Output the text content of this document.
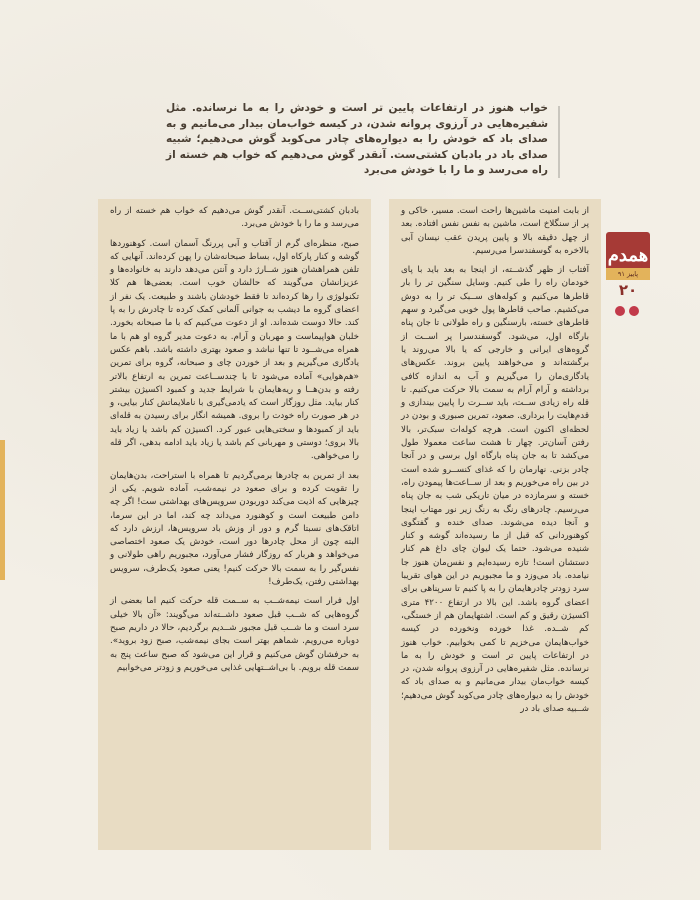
خواب هنوز در ارتفاعات پایین تر است و خودش را به ما نرسانده. مثل شفیره‌هایی در آرزوی پروانه شدن، در کیسه خواب‌مان بیدار می‌مانیم و به صدای باد که خودش را به دیواره‌های چادر می‌کوبد گوش می‌دهیم؛ شبیه صدای باد در بادبان کشتی‌ست. آنقدر گوش می‌دهیم که خواب هم خسته از راه می‌رسد و ما را با خودش می‌برد

بادبان کشتی‌ســت. آنقدر گوش می‌دهیم که خواب هم خسته از راه می‌رسد و ما را با خودش می‌برد.

صبح، منظره‌ای گرم از آفتاب و آبی پررنگ آسمان است. کوهنوردها گوشه و کنار پارکاه اول، بساط صبحانه‌شان را پهن کرده‌اند. آنهایی که تلفن همراهشان هنوز شــارژ دارد و آنتن می‌دهد دارند به خانواده‌ها و عزیزانشان می‌گویند که حالشان خوب است. بعضی‌ها هم کلا تکنولوژی را رها کرده‌اند تا فقط خودشان باشند و طبیعت. یک نفر از اعضای گروه ما دیشب به جوانی آلمانی کمک کرده تا چادرش را به پا کند. حالا دوست شده‌اند. او از دعوت می‌کنیم که با ما صبحانه بخورد. خلبان هواپیماست و مهربان و آرام. به دعوت مدیر گروه او هم با ما همراه می‌شــود تا تنها نباشد و صعود بهتری داشته باشد. باهم عکس یادگاری می‌گیریم و بعد از خوردن چای و صبحانه، گروه برای تمرین «هم‌هوایی» آماده می‌شود تا با چندســاعت تمرین به ارتفاع بالاتر رفته و بدن‌هــا و ریه‌هایمان با شرایط جدید و کمبود اکسیژن بیشتر کنار بیاید. مثل روزگار است که یادمی‌گیری با ناملایماتش کنار بیایی، و در هر صورت راه خودت را بروی. همیشه انگار برای رسیدن به قله‌ای باید از کمبودها و سختی‌هایی عبور کرد. اکسیژن کم باشد یا زیاد باید بالا بروی؛ دوستی و مهربانی کم باشد یا زیاد باید ادامه بدهی، اگر قله را می‌خواهی.

بعد از تمرین به چادرها برمی‌گردیم تا همراه با استراحت، بدن‌هایمان را تقویت کرده و برای صعود در نیمه‌شب، آماده شویم. یکی از چیزهایی که اذیت می‌کند دوربودن سرویس‌های بهداشتی ست! اگر چه دامن طبیعت است و کوهنورد می‌داند چه کند، اما در این سرما، اتاقک‌های نسبتا گرم و دور از وزش باد سرویس‌ها، ارزش دارد که البته چون از محل چادرها دور است، خودش یک صعود اختصاصی می‌خواهد و هربار که روزگار فشار می‌آورد، مجبوریم راهی طولانی و نفس‌گیر را به سمت بالا حرکت کنیم! یعنی صعود یک‌طرف، سرویس بهداشتی رفتن، یک‌طرف!

اول فرار است نیمه‌شــب به ســمت قله حرکت کنیم اما بعضی از گروه‌هایی که شــب قبل صعود داشــته‌اند می‌گویند: «آن بالا خیلی سرد است و ما شــب قبل مجبور شــدیم برگردیم، حالا در داریم صبح دوباره می‌رویم. شماهم بهتر است بجای نیمه‌شب، صبح زود بروید». به حرفشان گوش می‌کنیم و قرار این می‌شود که صبح ساعت پنج به سمت قله برویم. با بی‌اشــتهایی غذایی می‌خوریم و زودتر می‌خوابیم

از بابت امنیت ماشین‌ها راحت است. مسیر، خاکی و پر از سنگلاخ است، ماشین به نفس نفس افتاده. بعد از چهل دقیقه بالا و پایین پریدن عقب نیسان آبی بالاخره به گوسفندسرا می‌رسیم.

آفتاب از ظهر گذشــته، از اینجا به بعد باید با پای خودمان راه را طی کنیم. وسایل سنگین تر را بار قاطرها می‌کنیم و کوله‌های ســبک تر را به دوش می‌کشیم. صاحب قاطرها پول خوبی می‌گیرد و سهم قاطرهای خسته، بارسنگین و راه طولانی تا جان پناه بارگاه اول، می‌شود. گوسفندسرا پر اســت از گروه‌های ایرانی و خارجی که یا بالا می‌روند یا برگشته‌اند و می‌خواهند پایین بروند. عکس‌های یادگاری‌مان را می‌گیریم و آب به اندازه کافی برداشته و آرام آرام به سمت بالا حرکت می‌کنیم. تا قله راه زیادی ســت، باید ســرت را پایین بیندازی و قدم‌هایت را برداری. صعود، تمرین صبوری و بودن در لحظه‌ای اکنون است. هرچه کوله‌ات سبک‌تر، بالا رفتن آسان‌تر. چهار تا هشت ساعت معمولا طول می‌کشد تا به جان پناه بارگاه اول برسی و در آنجا چادر بزنی. نهارمان را که غذای کنســرو شده است در بین راه می‌خوریم و بعد از ســاعت‌ها پیمودن راه، خسته و سرمازده در میان تاریکی شب به جان پناه می‌رسیم. چادرهای رنگ به رنگ زیر نور مهتاب اینجا و آنجا دیده می‌شوند. صدای خنده و گفتگوی کوهنوردانی که قبل از ما رسیده‌اند گوشه و کنار شنیده می‌شود. حتما یک لیوان چای داغ هم کنار دستشان است! تازه رسیده‌ایم و نفس‌مان هنوز جا نیامده. باد می‌وزد و ما مجبوریم در این هوای تقریبا سرد زودتر چادرهایمان را به پا کنیم تا سرپناهی برای اعضای گروه باشد. این بالا در ارتفاع ۴۲۰۰ متری اکسیژن رقیق و کم است. اشتهایمان هم از خستگی، کم شــده. غذا خورده ونخورده در کیسه خواب‌هایمان می‌خزیم تا کمی بخوابیم. خواب هنوز در ارتفاعات پایین تر است و خودش را به ما نرسانده. مثل شفیره‌هایی در آرزوی پروانه شدن، در کیسه خواب‌مان بیدار می‌مانیم و به صدای باد که خودش را به دیواره‌های چادر می‌کوبد گوش می‌دهیم؛ شــبیه صدای باد در

همدم
پاییز ۹۱
۲۰
